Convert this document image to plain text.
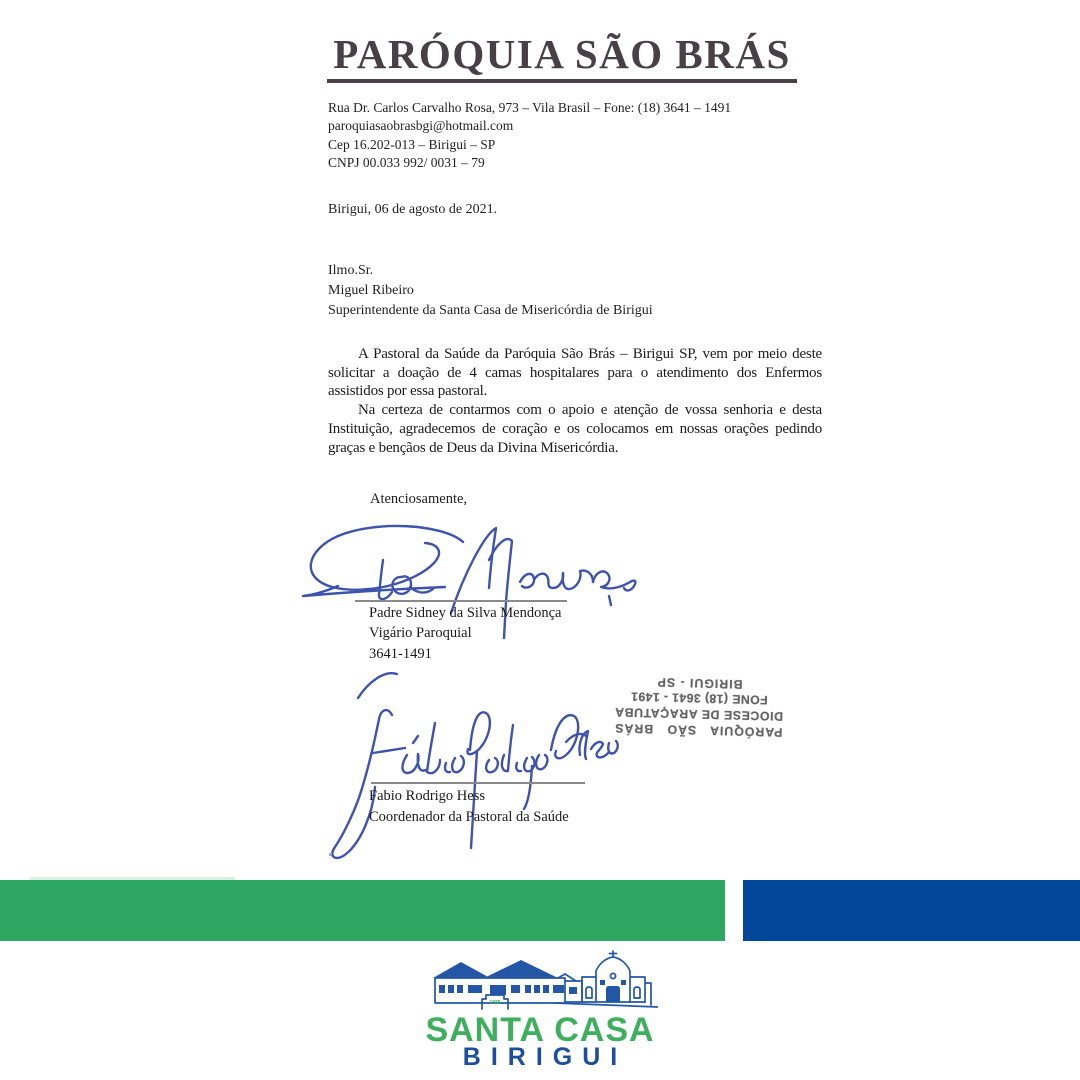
PARÓQUIA SÃO BRÁS
Rua Dr. Carlos Carvalho Rosa, 973 – Vila Brasil – Fone: (18) 3641 – 1491
paroquiasaobrasbgi@hotmail.com
Cep 16.202-013 – Birigui – SP
CNPJ 00.033 992/ 0031 – 79
Birigui, 06 de agosto de 2021.
Ilmo.Sr.
Miguel Ribeiro
Superintendente da Santa Casa de Misericórdia de Birigui

A Pastoral da Saúde da Paróquia São Brás – Birigui SP, vem por meio deste solicitar a doação de 4 camas hospitalares para o atendimento dos Enfermos assistidos por essa pastoral.

Na certeza de contarmos com o apoio e atenção de vossa senhoria e desta Instituição, agradecemos de coração e os colocamos em nossas orações pedindo graças e bençãos de Deus da Divina Misericórdia.

Atenciosamente,
Padre Sidney da Silva Mendonça
Vigário Paroquial
3641-1491
PARÓQUIA SÃO BRÁS
DIOCESE DE ARAÇATUBA
FONE (18) 3641 - 1491
BIRIGUI - SP
Fabio Rodrigo Hess
Coordenador da Pastoral da Saúde
1935
SANTA CASA
BIRIGUI
